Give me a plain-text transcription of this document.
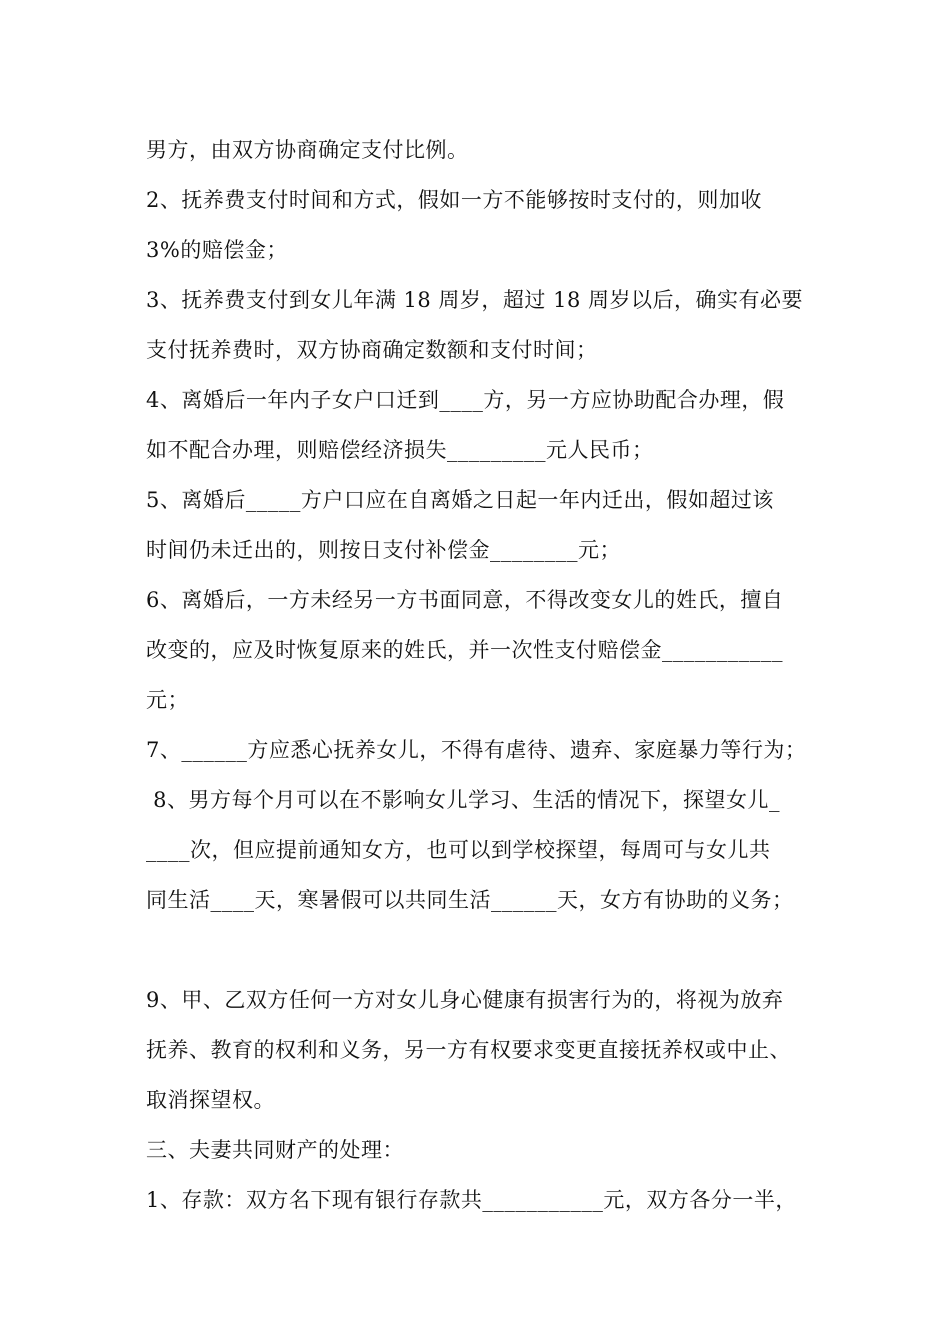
男方，由双方协商确定支付比例。
2、抚养费支付时间和方式，假如一方不能够按时支付的，则加收
3%的赔偿金；
3、抚养费支付到女儿年满 18 周岁，超过 18 周岁以后，确实有必要
支付抚养费时，双方协商确定数额和支付时间；
4、离婚后一年内子女户口迁到____方，另一方应协助配合办理，假
如不配合办理，则赔偿经济损失_________元人民币；
5、离婚后_____方户口应在自离婚之日起一年内迁出，假如超过该
时间仍未迁出的，则按日支付补偿金________元；
6、离婚后，一方未经另一方书面同意，不得改变女儿的姓氏，擅自
改变的，应及时恢复原来的姓氏，并一次性支付赔偿金___________
元；
7、______方应悉心抚养女儿，不得有虐待、遗弃、家庭暴力等行为；
8、男方每个月可以在不影响女儿学习、生活的情况下，探望女儿_
____次，但应提前通知女方，也可以到学校探望，每周可与女儿共
同生活____天，寒暑假可以共同生活______天，女方有协助的义务；
9、甲、乙双方任何一方对女儿身心健康有损害行为的，将视为放弃
抚养、教育的权利和义务，另一方有权要求变更直接抚养权或中止、
取消探望权。
三、夫妻共同财产的处理：
1、存款：双方名下现有银行存款共___________元，双方各分一半，
